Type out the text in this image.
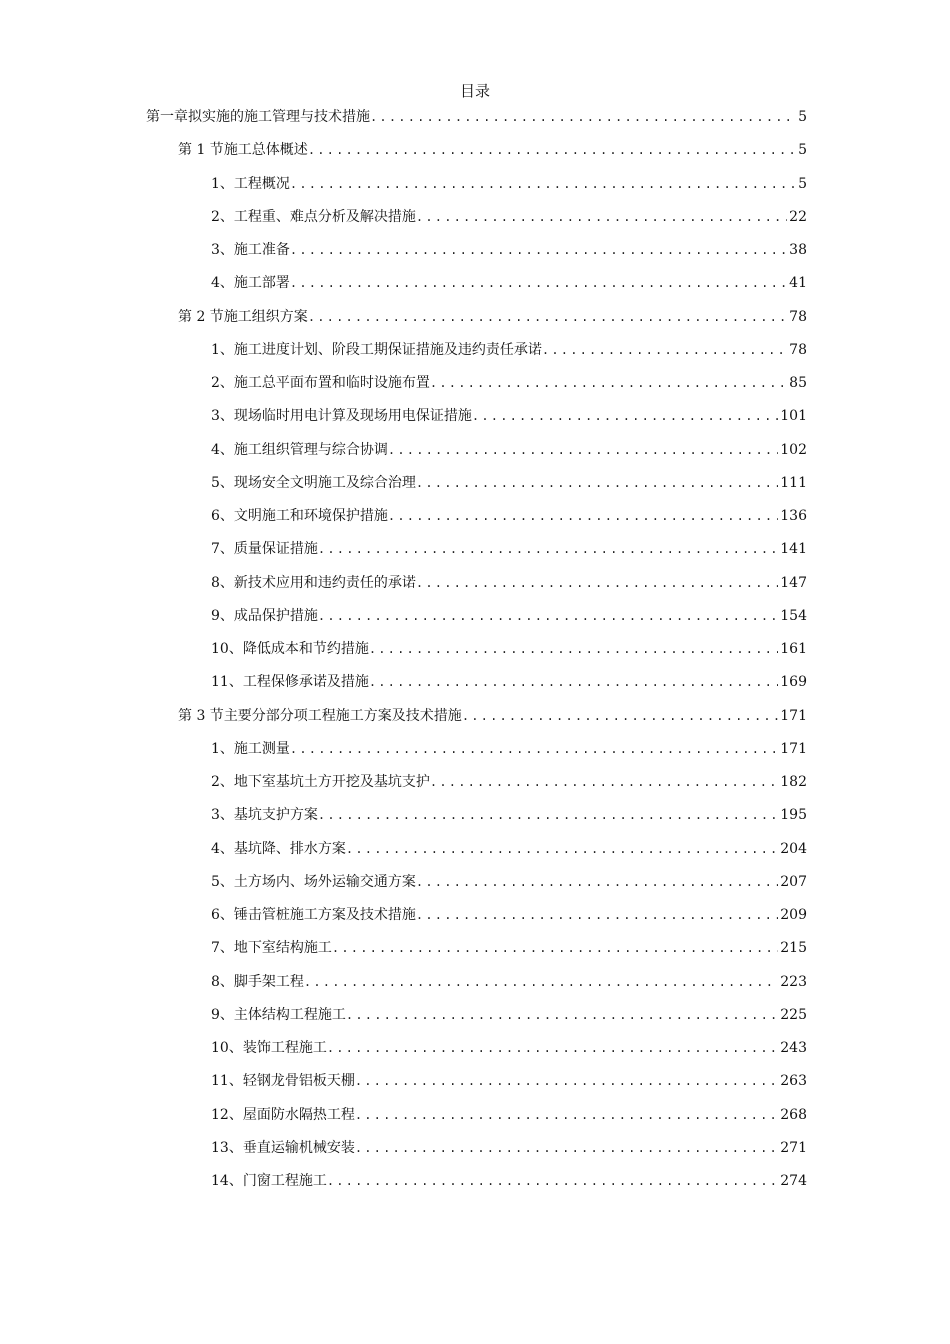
目录
第一章 拟实施的施工管理与技术措施 .....	5
第 1 节 施工总体概述 .....	5
1、 工程概况 .....	5
2、 工程重、难点分析及解决措施 .....	22
3、 施工准备 .....	38
4、 施工部署 .....	41
第 2 节 施工组织方案 .....	78
1、 施工进度计划、阶段工期保证措施及违约责任承诺 .....	78
2、 施工总平面布置和临时设施布置 .....	85
3、 现场临时用电计算及现场用电保证措施 .....	101
4、 施工组织管理与综合协调 .....	102
5、 现场安全文明施工及综合治理 .....	111
6、 文明施工和环境保护措施 .....	136
7、 质量保证措施 .....	141
8、 新技术应用和违约责任的承诺 .....	147
9、 成品保护措施 .....	154
10、 降低成本和节约措施 .....	161
11、 工程保修承诺及措施 .....	169
第 3 节 主要分部分项工程施工方案及技术措施 .....	171
1、 施工测量 .....	171
2、 地下室基坑土方开挖及基坑支护 .....	182
3、 基坑支护方案 .....	195
4、 基坑降、排水方案 .....	204
5、 土方场内、场外运输交通方案 .....	207
6、 锤击管桩施工方案及技术措施 .....	209
7、 地下室结构施工 .....	215
8、 脚手架工程 .....	223
9、 主体结构工程施工 .....	225
10、 装饰工程施工 .....	243
11、 轻钢龙骨铝板天棚 .....	263
12、 屋面防水隔热工程 .....	268
13、 垂直运输机械安装 .....	271
14、 门窗工程施工 .....	274
